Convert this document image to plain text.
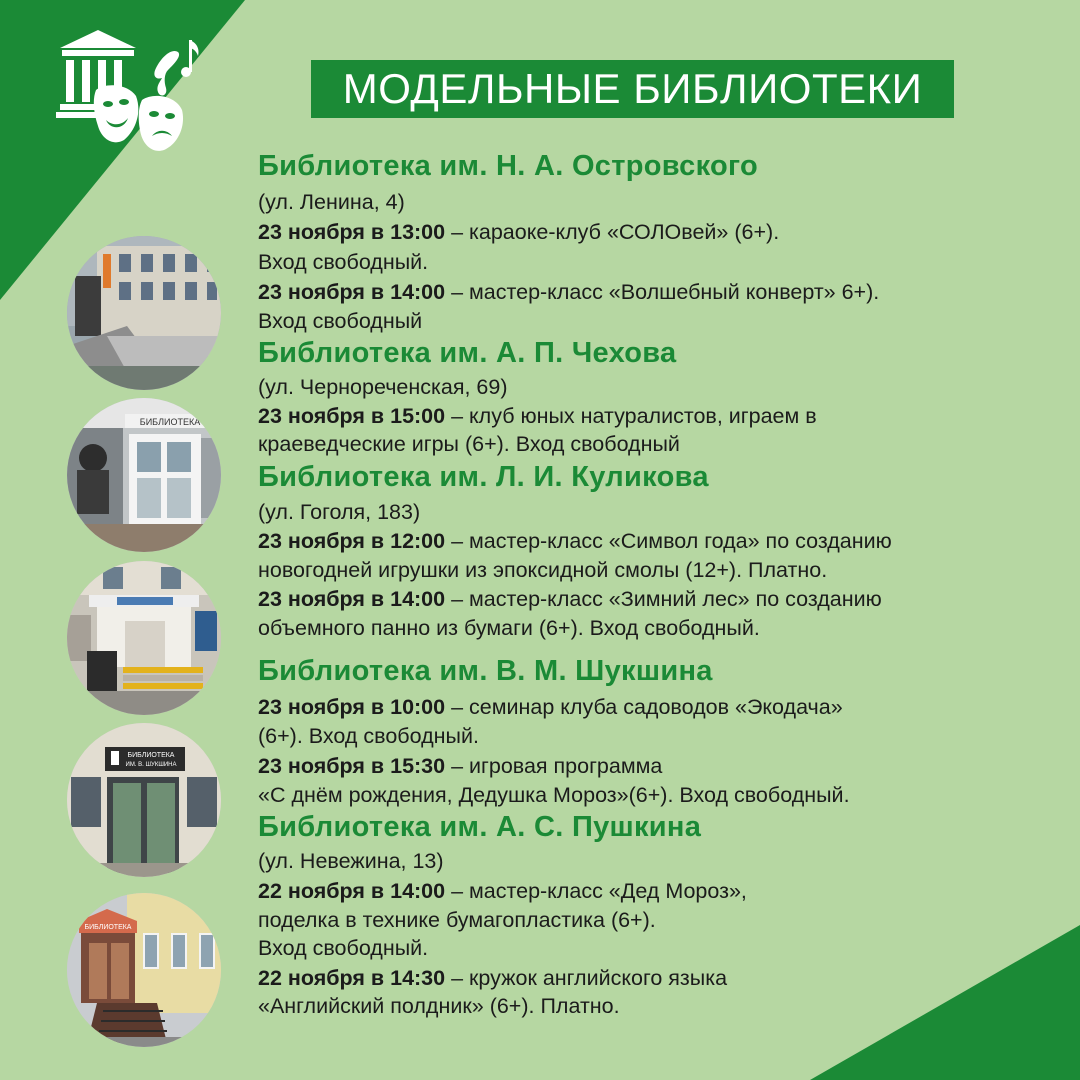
МОДЕЛЬНЫЕ БИБЛИОТЕКИ
БИБЛИОТЕКА
БИБЛИОТЕКА
ИМ. В. ШУКШИНА
БИБЛИОТЕКА
Библиотека им. Н. А. Островского
(ул. Ленина, 4)
23 ноября в 13:00 – караоке-клуб «СОЛОвей» (6+).
Вход свободный.
23 ноября в 14:00 – мастер-класс «Волшебный конверт» 6+).
Вход свободный
Библиотека им. А. П. Чехова
(ул. Чернореченская, 69)
23 ноября в 15:00 – клуб юных натуралистов, играем в
краеведческие игры (6+). Вход свободный
Библиотека им. Л. И. Куликова
(ул. Гоголя, 183)
23 ноября в 12:00 – мастер-класс «Символ года» по созданию
новогодней игрушки из эпоксидной смолы (12+). Платно.
23 ноября в 14:00 – мастер-класс «Зимний лес» по созданию
объемного панно из бумаги (6+). Вход свободный.
Библиотека им. В. М. Шукшина
23 ноября в 10:00 – семинар клуба садоводов «Экодача»
(6+). Вход свободный.
23 ноября в 15:30 – игровая программа
«С днём рождения, Дедушка Мороз»(6+). Вход свободный.
Библиотека им. А. С. Пушкина
(ул. Невежина, 13)
22 ноября в 14:00 – мастер-класс «Дед Мороз»,
поделка в технике бумагопластика (6+).
Вход свободный.
22 ноября в 14:30 – кружок английского языка
«Английский полдник» (6+). Платно.
